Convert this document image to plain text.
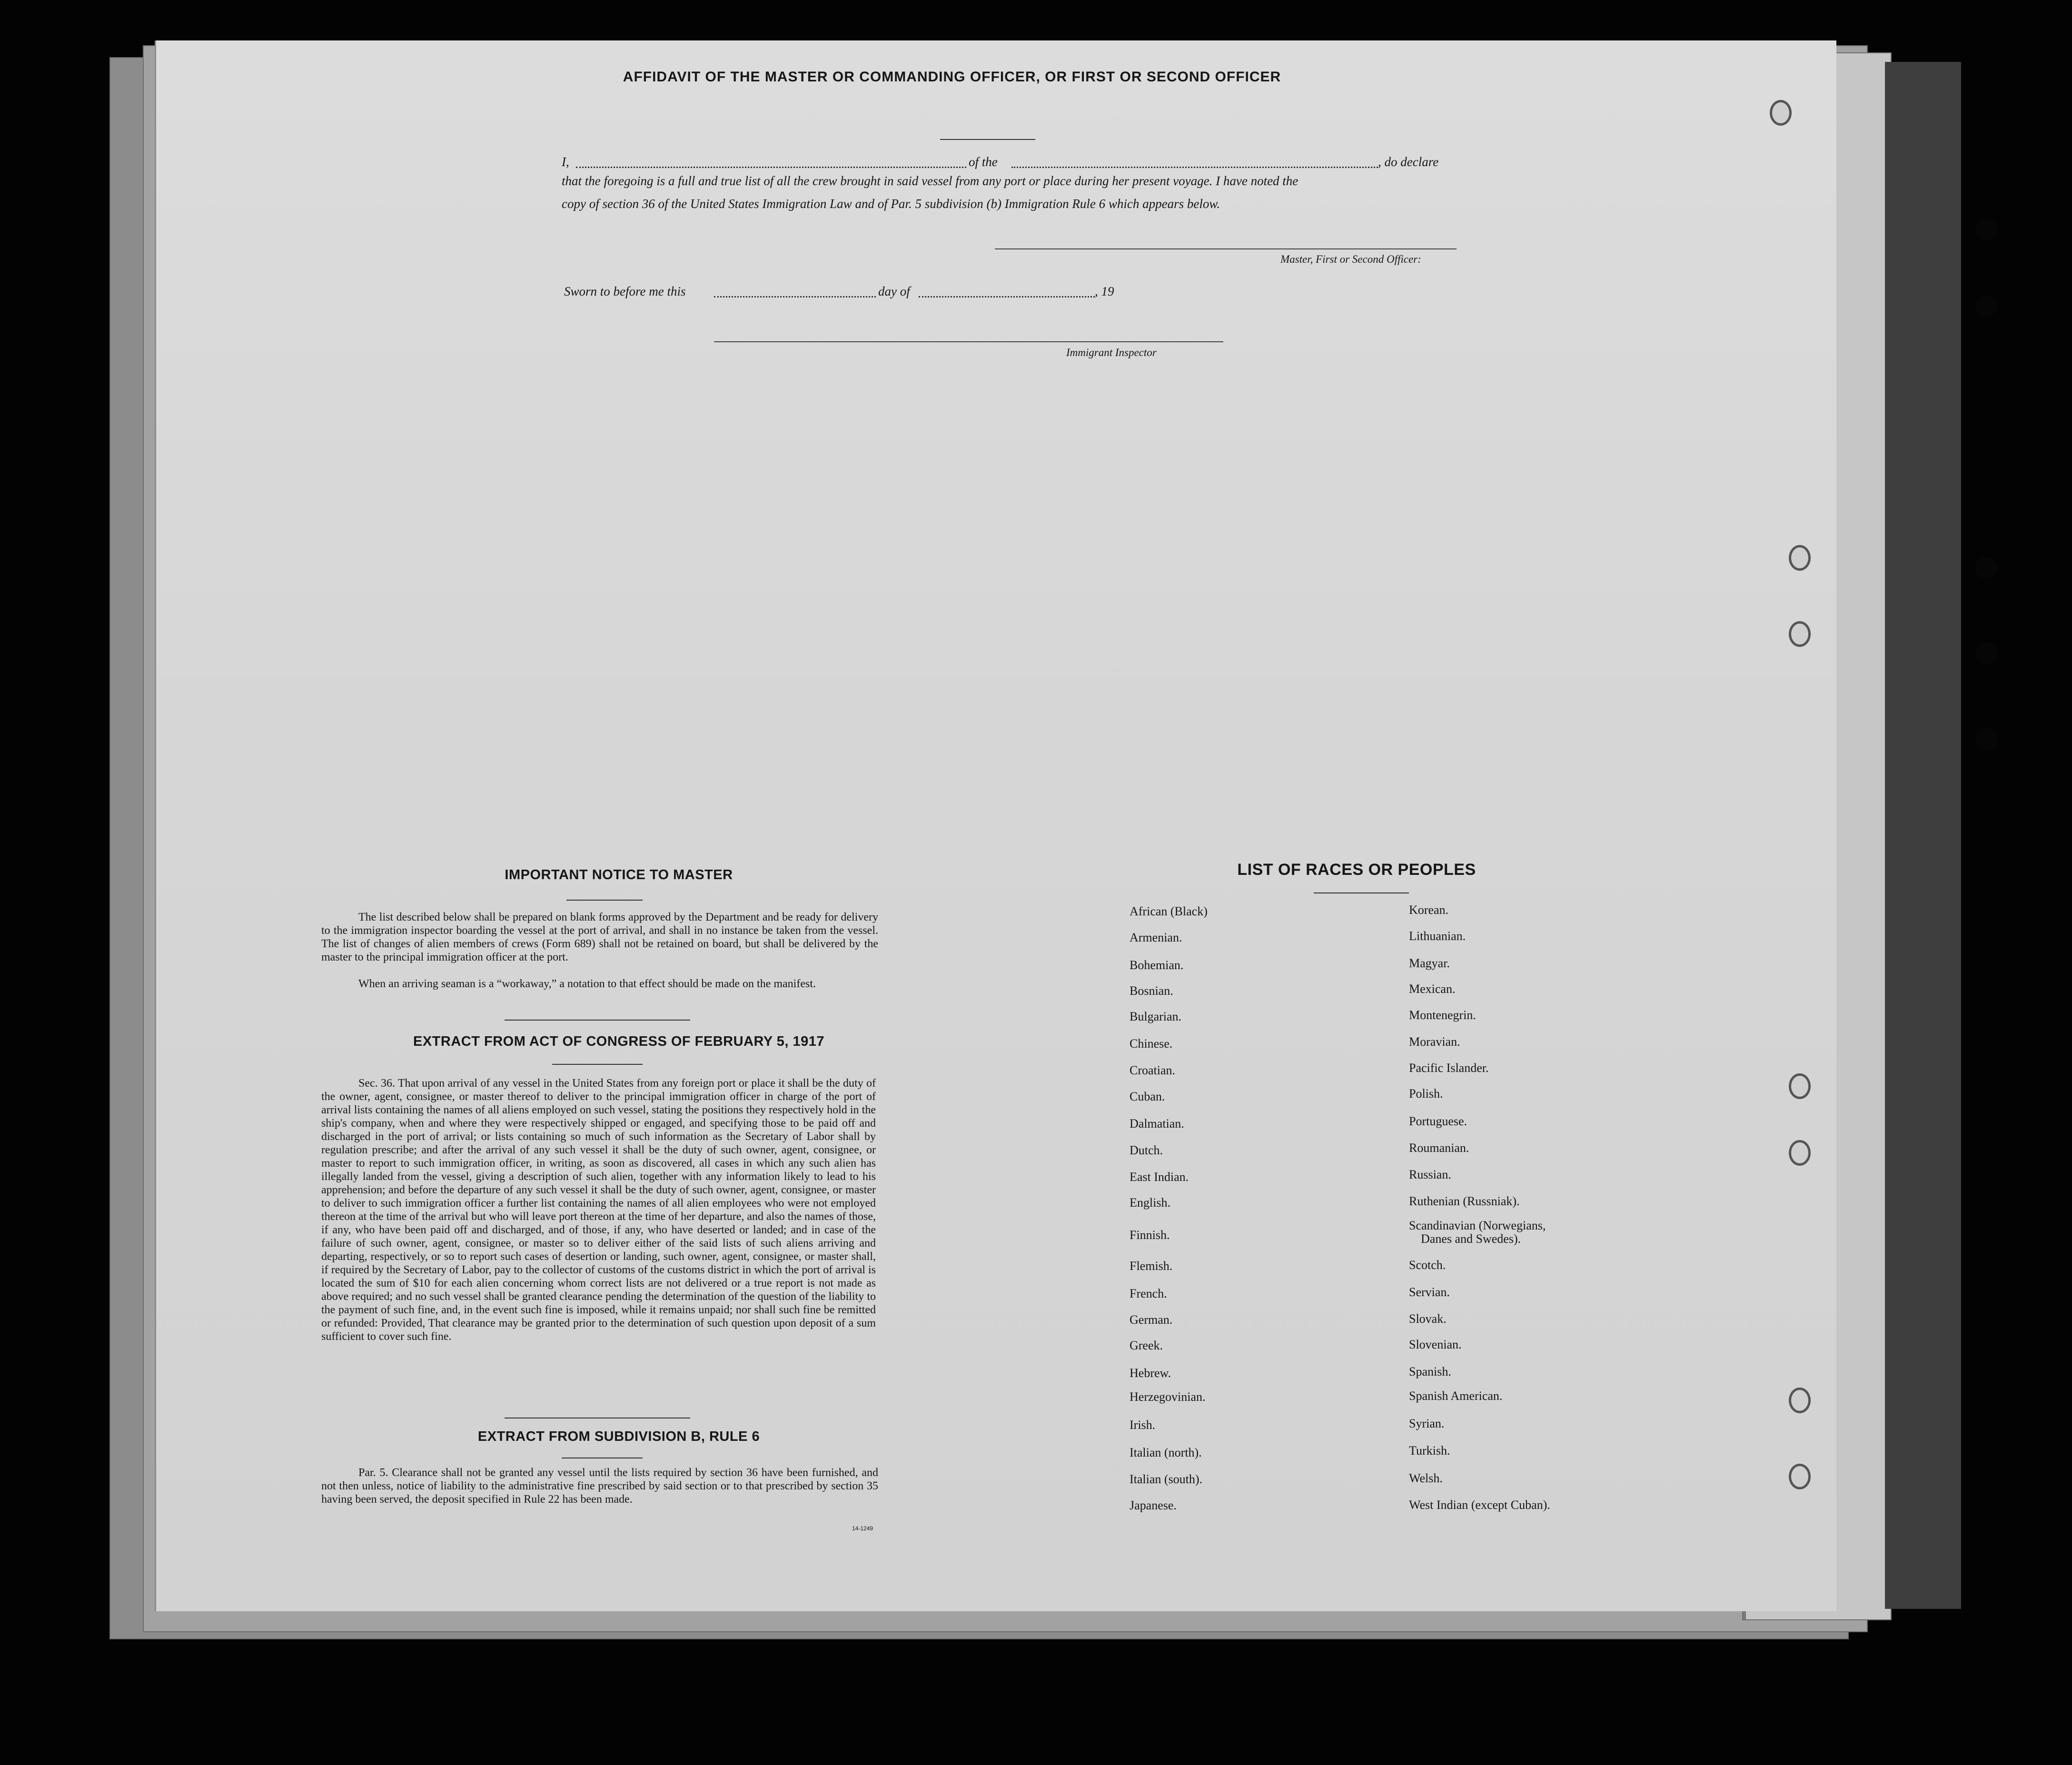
AFFIDAVIT OF THE MASTER OR COMMANDING OFFICER, OR FIRST OR SECOND OFFICER
I,	of the	, do declare
that the foregoing is a full and true list of all the crew brought in said vessel from any port or place during her present voyage. I have noted the
copy of section 36 of the United States Immigration Law and of Par. 5 subdivision (b) Immigration Rule 6 which appears below.
Master, First or Second Officer:
Sworn to before me this	day of	, 19
Immigrant Inspector
IMPORTANT NOTICE TO MASTER

The list described below shall be prepared on blank forms approved by the Department and be ready for delivery to the immigration inspector boarding the vessel at the port of arrival, and shall in no instance be taken from the vessel. The list of changes of alien members of crews (Form 689) shall not be retained on board, but shall be delivered by the master to the principal immigration officer at the port.

When an arriving seaman is a “workaway,” a notation to that effect should be made on the manifest.

EXTRACT FROM ACT OF CONGRESS OF FEBRUARY 5, 1917

Sec. 36. That upon arrival of any vessel in the United States from any foreign port or place it shall be the duty of the owner, agent, consignee, or master thereof to deliver to the principal immigration officer in charge of the port of arrival lists containing the names of all aliens employed on such vessel, stating the positions they respectively hold in the ship's company, when and where they were respectively shipped or engaged, and specifying those to be paid off and discharged in the port of arrival; or lists containing so much of such information as the Secretary of Labor shall by regulation prescribe; and after the arrival of any such vessel it shall be the duty of such owner, agent, consignee, or master to report to such immigration officer, in writing, as soon as discovered, all cases in which any such alien has illegally landed from the vessel, giving a description of such alien, together with any information likely to lead to his apprehension; and before the departure of any such vessel it shall be the duty of such owner, agent, consignee, or master to deliver to such immigration officer a further list containing the names of all alien employees who were not employed thereon at the time of the arrival but who will leave port thereon at the time of her departure, and also the names of those, if any, who have been paid off and discharged, and of those, if any, who have deserted or landed; and in case of the failure of such owner, agent, consignee, or master so to deliver either of the said lists of such aliens arriving and departing, respectively, or so to report such cases of desertion or landing, such owner, agent, consignee, or master shall, if required by the Secretary of Labor, pay to the collector of customs of the customs district in which the port of arrival is located the sum of $10 for each alien concerning whom correct lists are not delivered or a true report is not made as above required; and no such vessel shall be granted clearance pending the determination of the question of the liability to the payment of such fine, and, in the event such fine is imposed, while it remains unpaid; nor shall such fine be remitted or refunded: Provided, That clearance may be granted prior to the determination of such question upon deposit of a sum sufficient to cover such fine.

EXTRACT FROM SUBDIVISION B, RULE 6

Par. 5. Clearance shall not be granted any vessel until the lists required by section 36 have been furnished, and not then unless, notice of liability to the administrative fine prescribed by said section or to that prescribed by section 35 having been served, the deposit specified in Rule 22 has been made.

14-1249
LIST OF RACES OR PEOPLES
African (Black)
Armenian.
Bohemian.
Bosnian.
Bulgarian.
Chinese.
Croatian.
Cuban.
Dalmatian.
Dutch.
East Indian.
English.
Finnish.
Flemish.
French.
German.
Greek.
Hebrew.
Herzegovinian.
Irish.
Italian (north).
Italian (south).
Japanese.
Korean.
Lithuanian.
Magyar.
Mexican.
Montenegrin.
Moravian.
Pacific Islander.
Polish.
Portuguese.
Roumanian.
Russian.
Ruthenian (Russniak).
Scandinavian (Norwegians,
Danes and Swedes).
Scotch.
Servian.
Slovak.
Slovenian.
Spanish.
Spanish American.
Syrian.
Turkish.
Welsh.
West Indian (except Cuban).
